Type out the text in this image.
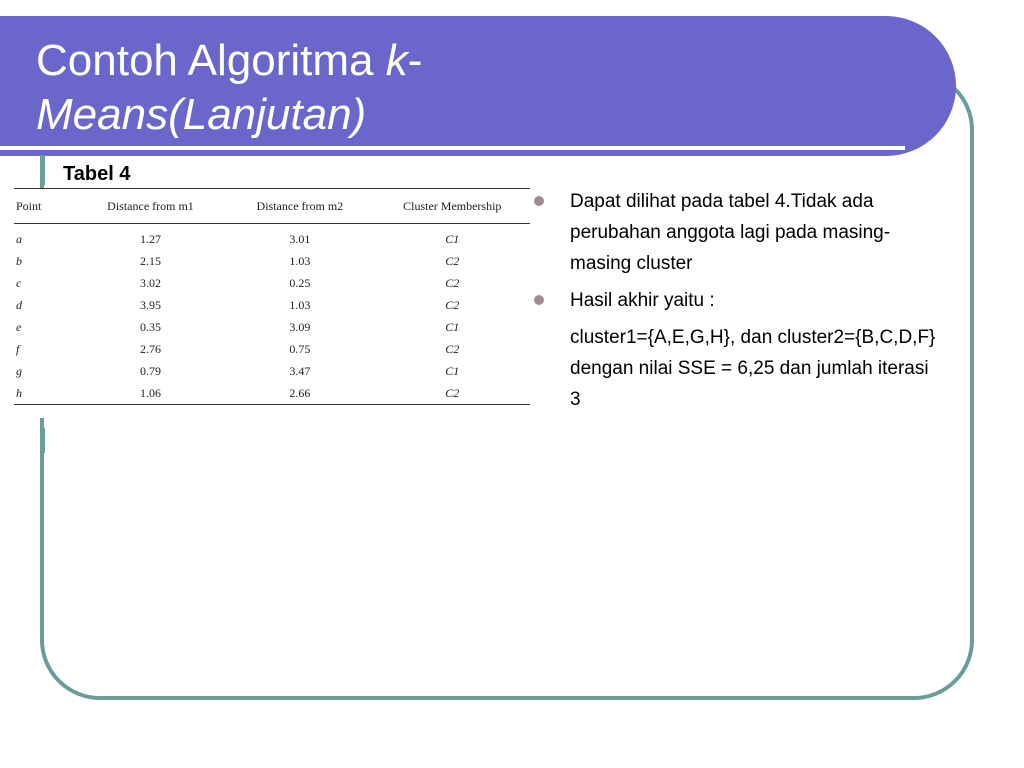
Contoh Algoritma k-
Means(Lanjutan)
Tabel 4
Point	Distance from m1	Distance from m2	Cluster Membership
a	1.27	3.01	C1
b	2.15	1.03	C2
c	3.02	0.25	C2
d	3.95	1.03	C2
e	0.35	3.09	C1
f	2.76	0.75	C2
g	0.79	3.47	C1
h	1.06	2.66	C2
Dapat dilihat pada tabel 4.Tidak ada perubahan anggota lagi pada masing-masing cluster
Hasil akhir yaitu :
cluster1={A,E,G,H}, dan cluster2={B,C,D,F} dengan nilai SSE = 6,25 dan jumlah iterasi 3
